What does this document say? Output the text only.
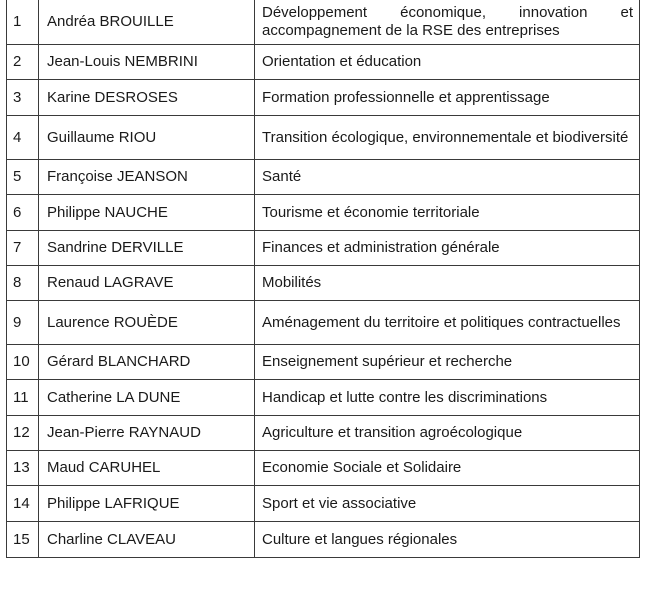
1	Andréa BROUILLE	Développement économique, innovation et accompagnement de la RSE des entreprises
2	Jean-Louis NEMBRINI	Orientation et éducation
3	Karine DESROSES	Formation professionnelle et apprentissage
4	Guillaume RIOU	Transition écologique, environnementale et biodiversité
5	Françoise JEANSON	Santé
6	Philippe NAUCHE	Tourisme et économie territoriale
7	Sandrine DERVILLE	Finances et administration générale
8	Renaud LAGRAVE	Mobilités
9	Laurence ROUÈDE	Aménagement du territoire et politiques contractuelles
10	Gérard BLANCHARD	Enseignement supérieur et recherche
11	Catherine LA DUNE	Handicap et lutte contre les discriminations
12	Jean-Pierre RAYNAUD	Agriculture et transition agroécologique
13	Maud CARUHEL	Economie Sociale et Solidaire
14	Philippe LAFRIQUE	Sport et vie associative
15	Charline CLAVEAU	Culture et langues régionales
